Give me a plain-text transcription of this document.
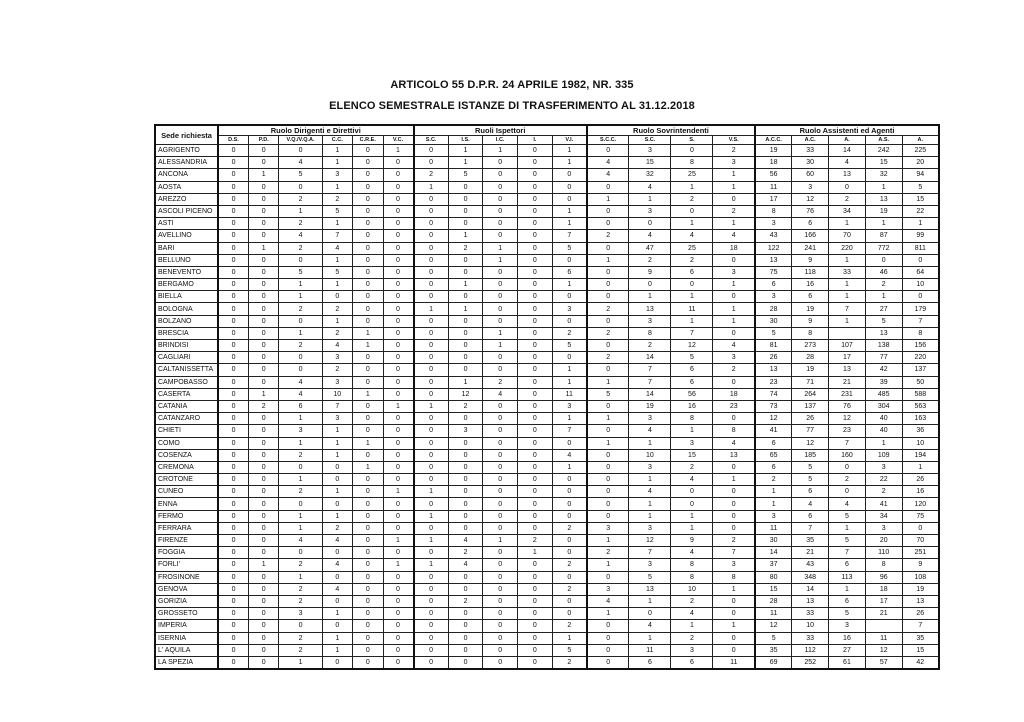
ARTICOLO 55 D.P.R. 24 APRILE 1982, NR. 335
ELENCO SEMESTRALE ISTANZE DI TRASFERIMENTO AL 31.12.2018
Sede richiesta	Ruolo Dirigenti e Direttivi						Ruoli Ispettori					Ruolo Sovrintendenti				Ruolo Assistenti ed Agenti				
	D.S.	P.D.	V.Q./V.Q.A.	C.C.	C.R.E.	V.C.	S.C.	I.S.	I.C.	I.	V.I.	S.C.C.	S.C.	S.	V.S.	A.C.C.	A.C.	A.	A.S.	A.
AGRIGENTO	0	0	0	1	0	1	0	1	1	0	1	0	3	0	2	19	33	14	242	225
ALESSANDRIA	0	0	4	1	0	0	0	1	0	0	1	4	15	8	3	18	30	4	15	20
ANCONA	0	1	5	3	0	0	2	5	0	0	0	4	32	25	1	56	60	13	32	94
AOSTA	0	0	0	1	0	0	1	0	0	0	0	0	4	1	1	11	3	0	1	5
AREZZO	0	0	2	2	0	0	0	0	0	0	0	1	1	2	0	17	12	2	13	15
ASCOLI PICENO	0	0	1	5	0	0	0	0	0	0	1	0	3	0	2	8	76	34	19	22
ASTI	0	0	2	1	0	0	0	0	0	0	1	0	0	1	1	3	6	1	1	1
AVELLINO	0	0	4	7	0	0	0	1	0	0	7	2	4	4	4	43	166	70	87	99
BARI	0	1	2	4	0	0	0	2	1	0	5	0	47	25	18	122	241	220	772	811
BELLUNO	0	0	0	1	0	0	0	0	1	0	0	1	2	2	0	13	9	1	0	0
BENEVENTO	0	0	5	5	0	0	0	0	0	0	6	0	9	6	3	75	118	33	46	64
BERGAMO	0	0	1	1	0	0	0	1	0	0	1	0	0	0	1	6	16	1	2	10
BIELLA	0	0	1	0	0	0	0	0	0	0	0	0	1	1	0	3	6	1	1	0
BOLOGNA	0	0	2	2	0	0	1	1	0	0	3	2	13	11	1	28	19	7	27	179
BOLZANO	0	0	0	1	0	0	0	0	0	0	0	0	3	1	1	30	9	1	5	7
BRESCIA	0	0	1	2	1	0	0	0	1	0	2	2	8	7	0	5	8		13	8
BRINDISI	0	0	2	4	1	0	0	0	1	0	5	0	2	12	4	81	273	107	138	156
CAGLIARI	0	0	0	3	0	0	0	0	0	0	0	2	14	5	3	26	28	17	77	220
CALTANISSETTA	0	0	0	2	0	0	0	0	0	0	1	0	7	6	2	13	19	13	42	137
CAMPOBASSO	0	0	4	3	0	0	0	1	2	0	1	1	7	6	0	23	71	21	39	50
CASERTA	0	1	4	10	1	0	0	12	4	0	11	5	14	56	18	74	264	231	485	588
CATANIA	0	2	6	7	0	1	1	2	0	0	3	0	19	16	23	73	137	76	304	563
CATANZARO	0	0	1	3	0	0	0	0	0	0	1	1	3	8	0	12	26	12	40	163
CHIETI	0	0	3	1	0	0	0	3	0	0	7	0	4	1	8	41	77	23	40	36
COMO	0	0	1	1	1	0	0	0	0	0	0	1	1	3	4	6	12	7	1	10
COSENZA	0	0	2	1	0	0	0	0	0	0	4	0	10	15	13	65	185	160	109	194
CREMONA	0	0	0	0	1	0	0	0	0	0	1	0	3	2	0	6	5	0	3	1
CROTONE	0	0	1	0	0	0	0	0	0	0	0	0	1	4	1	2	5	2	22	26
CUNEO	0	0	2	1	0	1	1	0	0	0	0	0	4	0	0	1	6	0	2	16
ENNA	0	0	0	0	0	0	0	0	0	0	0	0	1	0	0	1	4	4	41	120
FERMO	0	0	1	1	0	0	1	0	0	0	0	0	1	1	0	3	6	5	34	75
FERRARA	0	0	1	2	0	0	0	0	0	0	2	3	3	1	0	11	7	1	3	0
FIRENZE	0	0	4	4	0	1	1	4	1	2	0	1	12	9	2	30	35	5	20	70
FOGGIA	0	0	0	0	0	0	0	2	0	1	0	2	7	4	7	14	21	7	110	251
FORLI'	0	1	2	4	0	1	1	4	0	0	2	1	3	8	3	37	43	6	8	9
FROSINONE	0	0	1	0	0	0	0	0	0	0	0	0	5	8	8	80	348	113	96	108
GENOVA	0	0	2	4	0	0	0	0	0	0	2	3	13	10	1	15	14	1	18	19
GORIZIA	0	0	2	0	0	0	0	2	0	0	0	4	1	2	0	28	13	6	17	13
GROSSETO	0	0	3	1	0	0	0	0	0	0	0	1	0	4	0	11	33	5	21	26
IMPERIA	0	0	0	0	0	0	0	0	0	0	2	0	4	1	1	12	10	3		7
ISERNIA	0	0	2	1	0	0	0	0	0	0	1	0	1	2	0	5	33	16	11	35
L' AQUILA	0	0	2	1	0	0	0	0	0	0	5	0	11	3	0	35	112	27	12	15
LA SPEZIA	0	0	1	0	0	0	0	0	0	0	2	0	6	6	11	69	252	61	57	42
